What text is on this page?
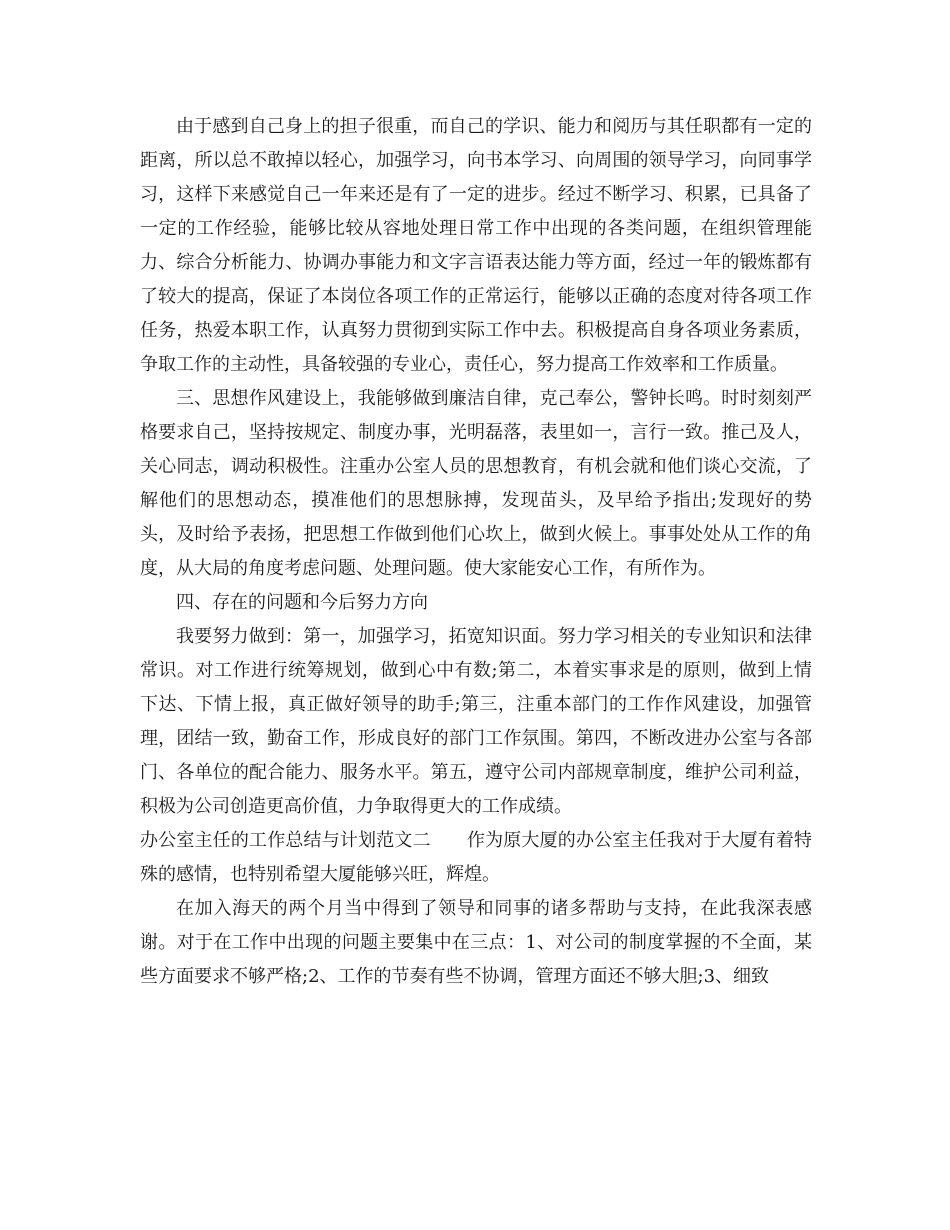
由于感到自己身上的担子很重，而自己的学识、能力和阅历与其任职都有一定的距离，所以总不敢掉以轻心，加强学习，向书本学习、向周围的领导学习，向同事学习，这样下来感觉自己一年来还是有了一定的进步。经过不断学习、积累，已具备了一定的工作经验，能够比较从容地处理日常工作中出现的各类问题，在组织管理能力、综合分析能力、协调办事能力和文字言语表达能力等方面，经过一年的锻炼都有了较大的提高，保证了本岗位各项工作的正常运行，能够以正确的态度对待各项工作任务，热爱本职工作，认真努力贯彻到实际工作中去。积极提高自身各项业务素质，争取工作的主动性，具备较强的专业心，责任心，努力提高工作效率和工作质量。

三、思想作风建设上，我能够做到廉洁自律，克己奉公，警钟长鸣。时时刻刻严格要求自己，坚持按规定、制度办事，光明磊落，表里如一，言行一致。推己及人，关心同志，调动积极性。注重办公室人员的思想教育，有机会就和他们谈心交流，了解他们的思想动态，摸准他们的思想脉搏，发现苗头，及早给予指出;发现好的势头，及时给予表扬，把思想工作做到他们心坎上，做到火候上。事事处处从工作的角度，从大局的角度考虑问题、处理问题。使大家能安心工作，有所作为。

四、存在的问题和今后努力方向

我要努力做到：第一，加强学习，拓宽知识面。努力学习相关的专业知识和法律常识。对工作进行统筹规划，做到心中有数;第二，本着实事求是的原则，做到上情下达、下情上报，真正做好领导的助手;第三，注重本部门的工作作风建设，加强管理，团结一致，勤奋工作，形成良好的部门工作氛围。第四，不断改进办公室与各部门、各单位的配合能力、服务水平。第五，遵守公司内部规章制度，维护公司利益，积极为公司创造更高价值，力争取得更大的工作成绩。

办公室主任的工作总结与计划范文二 作为原大厦的办公室主任我对于大厦有着特殊的感情，也特别希望大厦能够兴旺，辉煌。

在加入海天的两个月当中得到了领导和同事的诸多帮助与支持，在此我深表感谢。对于在工作中出现的问题主要集中在三点：1、对公司的制度掌握的不全面，某些方面要求不够严格;2、工作的节奏有些不协调，管理方面还不够大胆;3、细致
